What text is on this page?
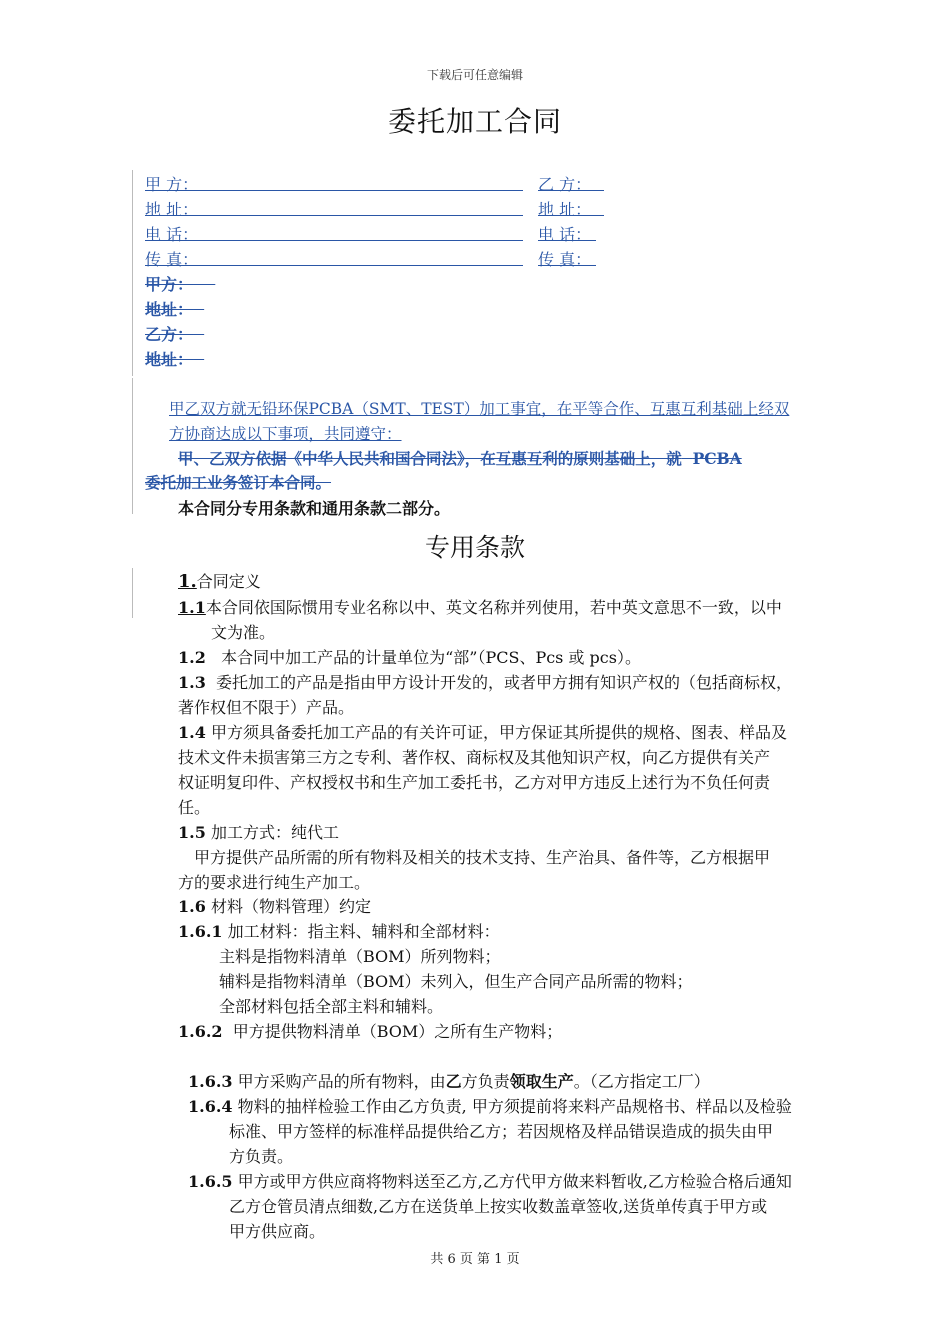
下载后可任意编辑
委托加工合同
甲 方：	乙 方：
地 址：	地 址：
电 话：	电 话：
传 真：	传 真：
甲方：
地址：
乙方：
地址：
甲乙双方就无铅环保PCBA（SMT、TEST）加工事宜，在平等合作、互惠互利基础上经双
方协商达成以下事项，共同遵守：
甲、乙双方依据《中华人民共和国合同法》，在互惠互利的原则基础上，就 PCBA
委托加工业务签订本合同。
本合同分专用条款和通用条款二部分。
专用条款
1.合同定义
1.1本合同依国际惯用专业名称以中、英文名称并列使用，若中英文意思不一致，以中
文为准。
1.2 本合同中加工产品的计量单位为“部”（PCS、Pcs 或 pcs）。
1.3 委托加工的产品是指由甲方设计开发的，或者甲方拥有知识产权的（包括商标权，
著作权但不限于）产品。
1.4 甲方须具备委托加工产品的有关许可证，甲方保证其所提供的规格、图表、样品及
技术文件未损害第三方之专利、著作权、商标权及其他知识产权，向乙方提供有关产
权证明复印件、产权授权书和生产加工委托书，乙方对甲方违反上述行为不负任何责
任。
1.5 加工方式：纯代工
甲方提供产品所需的所有物料及相关的技术支持、生产治具、备件等，乙方根据甲
方的要求进行纯生产加工。
1.6 材料（物料管理）约定
1.6.1 加工材料：指主料、辅料和全部材料：
主料是指物料清单（BOM）所列物料；
辅料是指物料清单（BOM）未列入，但生产合同产品所需的物料；
全部材料包括全部主料和辅料。
1.6.2 甲方提供物料清单（BOM）之所有生产物料；
1.6.3 甲方采购产品的所有物料，由乙方负责领取生产。（乙方指定工厂）
1.6.4 物料的抽样检验工作由乙方负责, 甲方须提前将来料产品规格书、样品以及检验
标准、甲方签样的标准样品提供给乙方；若因规格及样品错误造成的损失由甲
方负责。
1.6.5 甲方或甲方供应商将物料送至乙方,乙方代甲方做来料暂收,乙方检验合格后通知
乙方仓管员清点细数,乙方在送货单上按实收数盖章签收,送货单传真于甲方或
甲方供应商。
共 6 页 第 1 页
